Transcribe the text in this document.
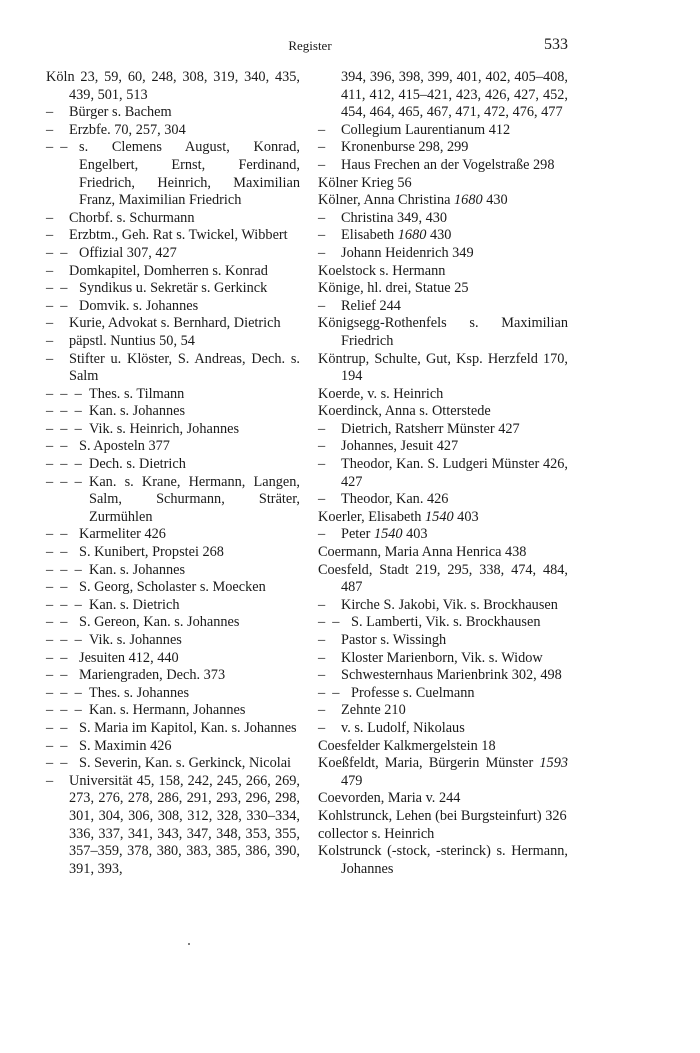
Register	533
Köln 23, 59, 60, 248, 308, 319, 340, 435, 439, 501, 513
– Bürger s. Bachem
– Erzbfe. 70, 257, 304
–  – s. Clemens August, Konrad, Engelbert, Ernst, Ferdinand, Friedrich, Heinrich, Maximilian Franz, Maximilian Friedrich
– Chorbf. s. Schurmann
– Erzbtm., Geh. Rat s. Twickel, Wibbert
–  – Offizial 307, 427
– Domkapitel, Domherren s. Konrad
–  – Syndikus u. Sekretär s. Gerkinck
–  – Domvik. s. Johannes
– Kurie, Advokat s. Bernhard, Dietrich
– päpstl. Nuntius 50, 54
– Stifter u. Klöster, S. Andreas, Dech. s. Salm
–  –  – Thes. s. Tilmann
–  –  – Kan. s. Johannes
–  –  – Vik. s. Heinrich, Johannes
–  – S. Aposteln 377
–  –  – Dech. s. Dietrich
–  –  – Kan. s. Krane, Hermann, Langen, Salm, Schurmann, Sträter, Zurmühlen
–  – Karmeliter 426
–  – S. Kunibert, Propstei 268
–  –  – Kan. s. Johannes
–  – S. Georg, Scholaster s. Moecken
–  –  – Kan. s. Dietrich
–  – S. Gereon, Kan. s. Johannes
–  –  – Vik. s. Johannes
–  – Jesuiten 412, 440
–  – Mariengraden, Dech. 373
–  –  – Thes. s. Johannes
–  –  – Kan. s. Hermann, Johannes
–  – S. Maria im Kapitol, Kan. s. Johannes
–  – S. Maximin 426
–  – S. Severin, Kan. s. Gerkinck, Nicolai
– Universität 45, 158, 242, 245, 266, 269, 273, 276, 278, 286, 291, 293, 296, 298, 301, 304, 306, 308, 312, 328, 330–334, 336, 337, 341, 343, 347, 348, 353, 355, 357–359, 378, 380, 383, 385, 386, 390, 391, 393,
394, 396, 398, 399, 401, 402, 405–408, 411, 412, 415–421, 423, 426, 427, 452, 454, 464, 465, 467, 471, 472, 476, 477
– Collegium Laurentianum 412
– Kronenburse 298, 299
– Haus Frechen an der Vogelstraße 298
Kölner Krieg 56
Kölner, Anna Christina 1680 430
– Christina 349, 430
– Elisabeth 1680 430
– Johann Heidenrich 349
Koelstock s. Hermann
Könige, hl. drei, Statue 25
– Relief 244
Königsegg-Rothenfels s. Maximilian Friedrich
Köntrup, Schulte, Gut, Ksp. Herzfeld 170, 194
Koerde, v. s. Heinrich
Koerdinck, Anna s. Otterstede
– Dietrich, Ratsherr Münster 427
– Johannes, Jesuit 427
– Theodor, Kan. S. Ludgeri Münster 426, 427
– Theodor, Kan. 426
Koerler, Elisabeth 1540 403
– Peter 1540 403
Coermann, Maria Anna Henrica 438
Coesfeld, Stadt 219, 295, 338, 474, 484, 487
– Kirche S. Jakobi, Vik. s. Brockhausen
–  – S. Lamberti, Vik. s. Brockhausen
– Pastor s. Wissingh
– Kloster Marienborn, Vik. s. Widow
– Schwesternhaus Marienbrink 302, 498
–  – Professe s. Cuelmann
– Zehnte 210
– v. s. Ludolf, Nikolaus
Coesfelder Kalkmergelstein 18
Koeßfeldt, Maria, Bürgerin Münster 1593 479
Coevorden, Maria v. 244
Kohlstrunck, Lehen (bei Burgsteinfurt) 326
collector s. Heinrich
Kolstrunck (-stock, -sterinck) s. Hermann, Johannes
